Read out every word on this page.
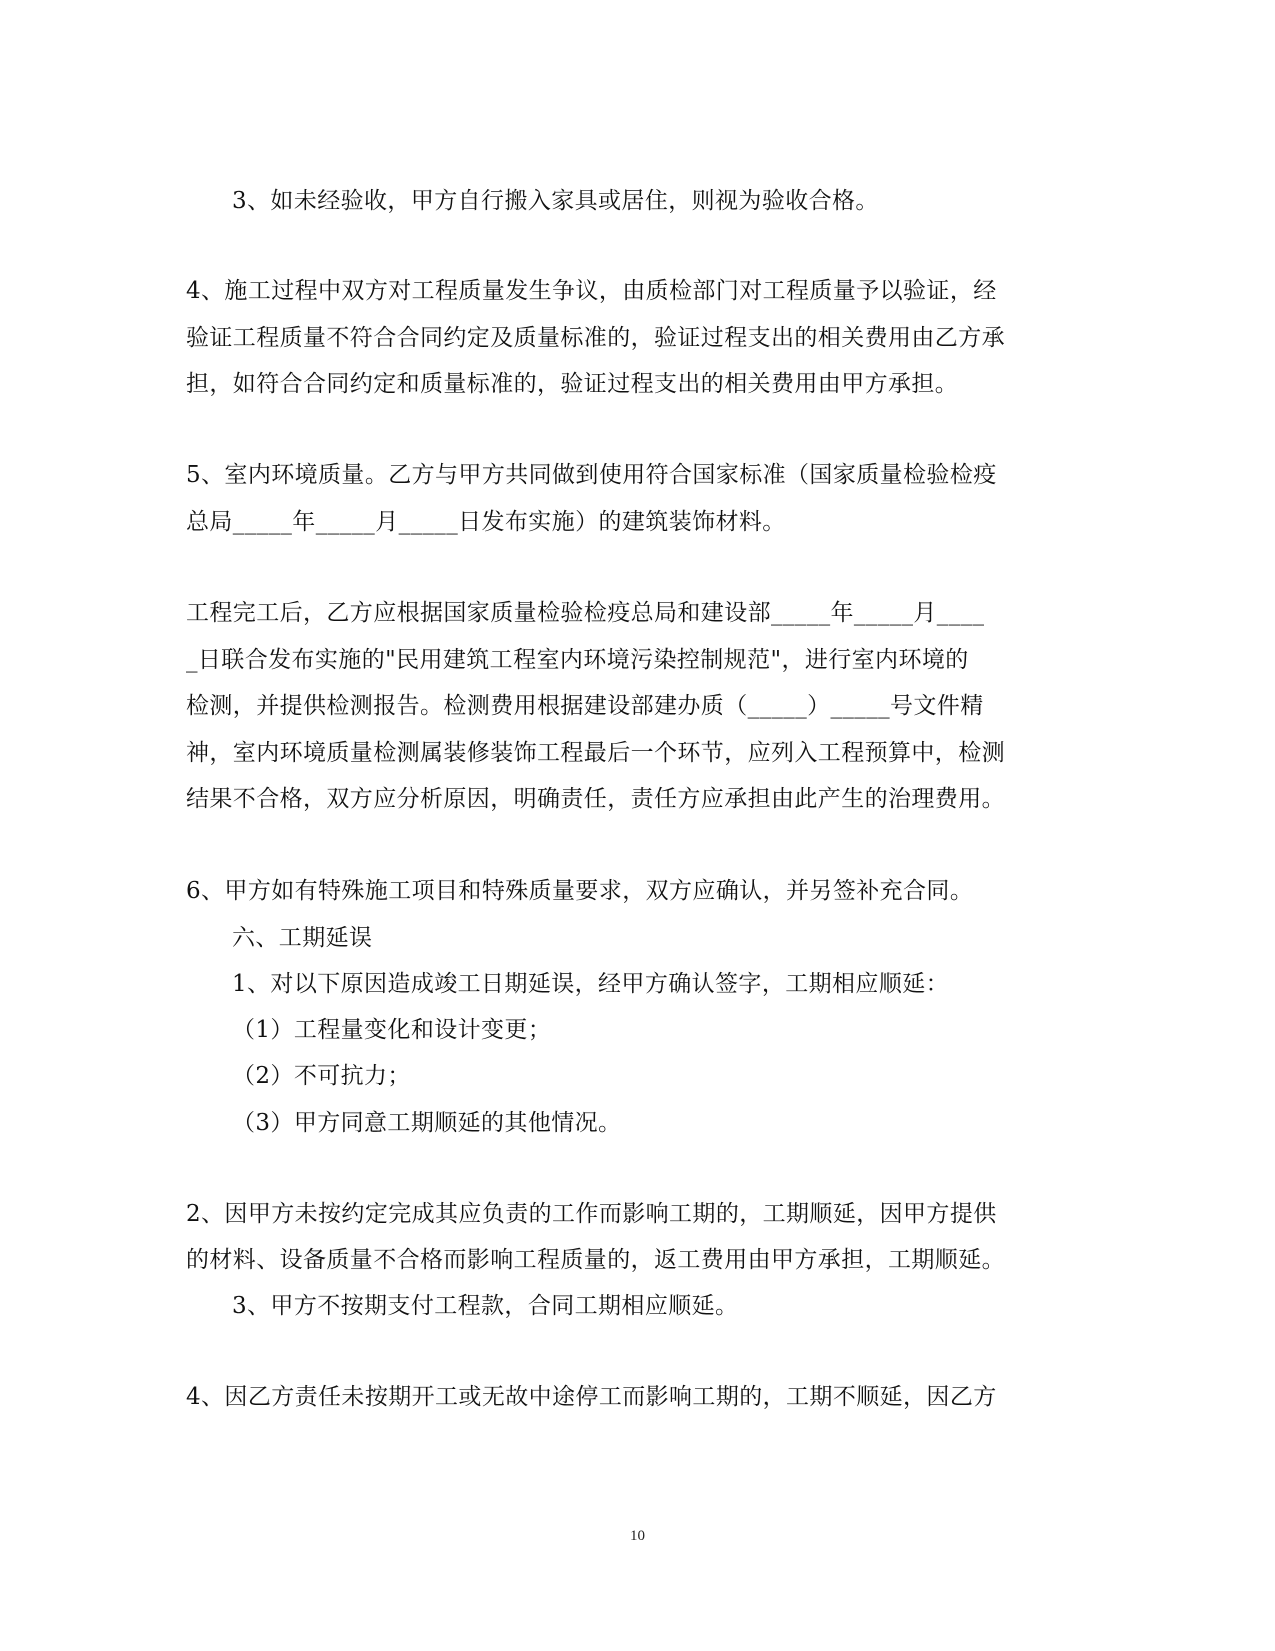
3、如未经验收，甲方自行搬入家具或居住，则视为验收合格。

4、施工过程中双方对工程质量发生争议，由质检部门对工程质量予以验证，经

验证工程质量不符合合同约定及质量标准的，验证过程支出的相关费用由乙方承

担，如符合合同约定和质量标准的，验证过程支出的相关费用由甲方承担。

5、室内环境质量。乙方与甲方共同做到使用符合国家标准（国家质量检验检疫

总局_____年_____月_____日发布实施）的建筑装饰材料。

工程完工后，乙方应根据国家质量检验检疫总局和建设部_____年_____月____

_日联合发布实施的"民用建筑工程室内环境污染控制规范"，进行室内环境的

检测，并提供检测报告。检测费用根据建设部建办质（_____）_____号文件精

神，室内环境质量检测属装修装饰工程最后一个环节，应列入工程预算中，检测

结果不合格，双方应分析原因，明确责任，责任方应承担由此产生的治理费用。

6、甲方如有特殊施工项目和特殊质量要求，双方应确认，并另签补充合同。

六、工期延误

1、对以下原因造成竣工日期延误，经甲方确认签字，工期相应顺延：

（1）工程量变化和设计变更；

（2）不可抗力；

（3）甲方同意工期顺延的其他情况。

2、因甲方未按约定完成其应负责的工作而影响工期的，工期顺延，因甲方提供

的材料、设备质量不合格而影响工程质量的，返工费用由甲方承担，工期顺延。

3、甲方不按期支付工程款，合同工期相应顺延。

4、因乙方责任未按期开工或无故中途停工而影响工期的，工期不顺延，因乙方

10
